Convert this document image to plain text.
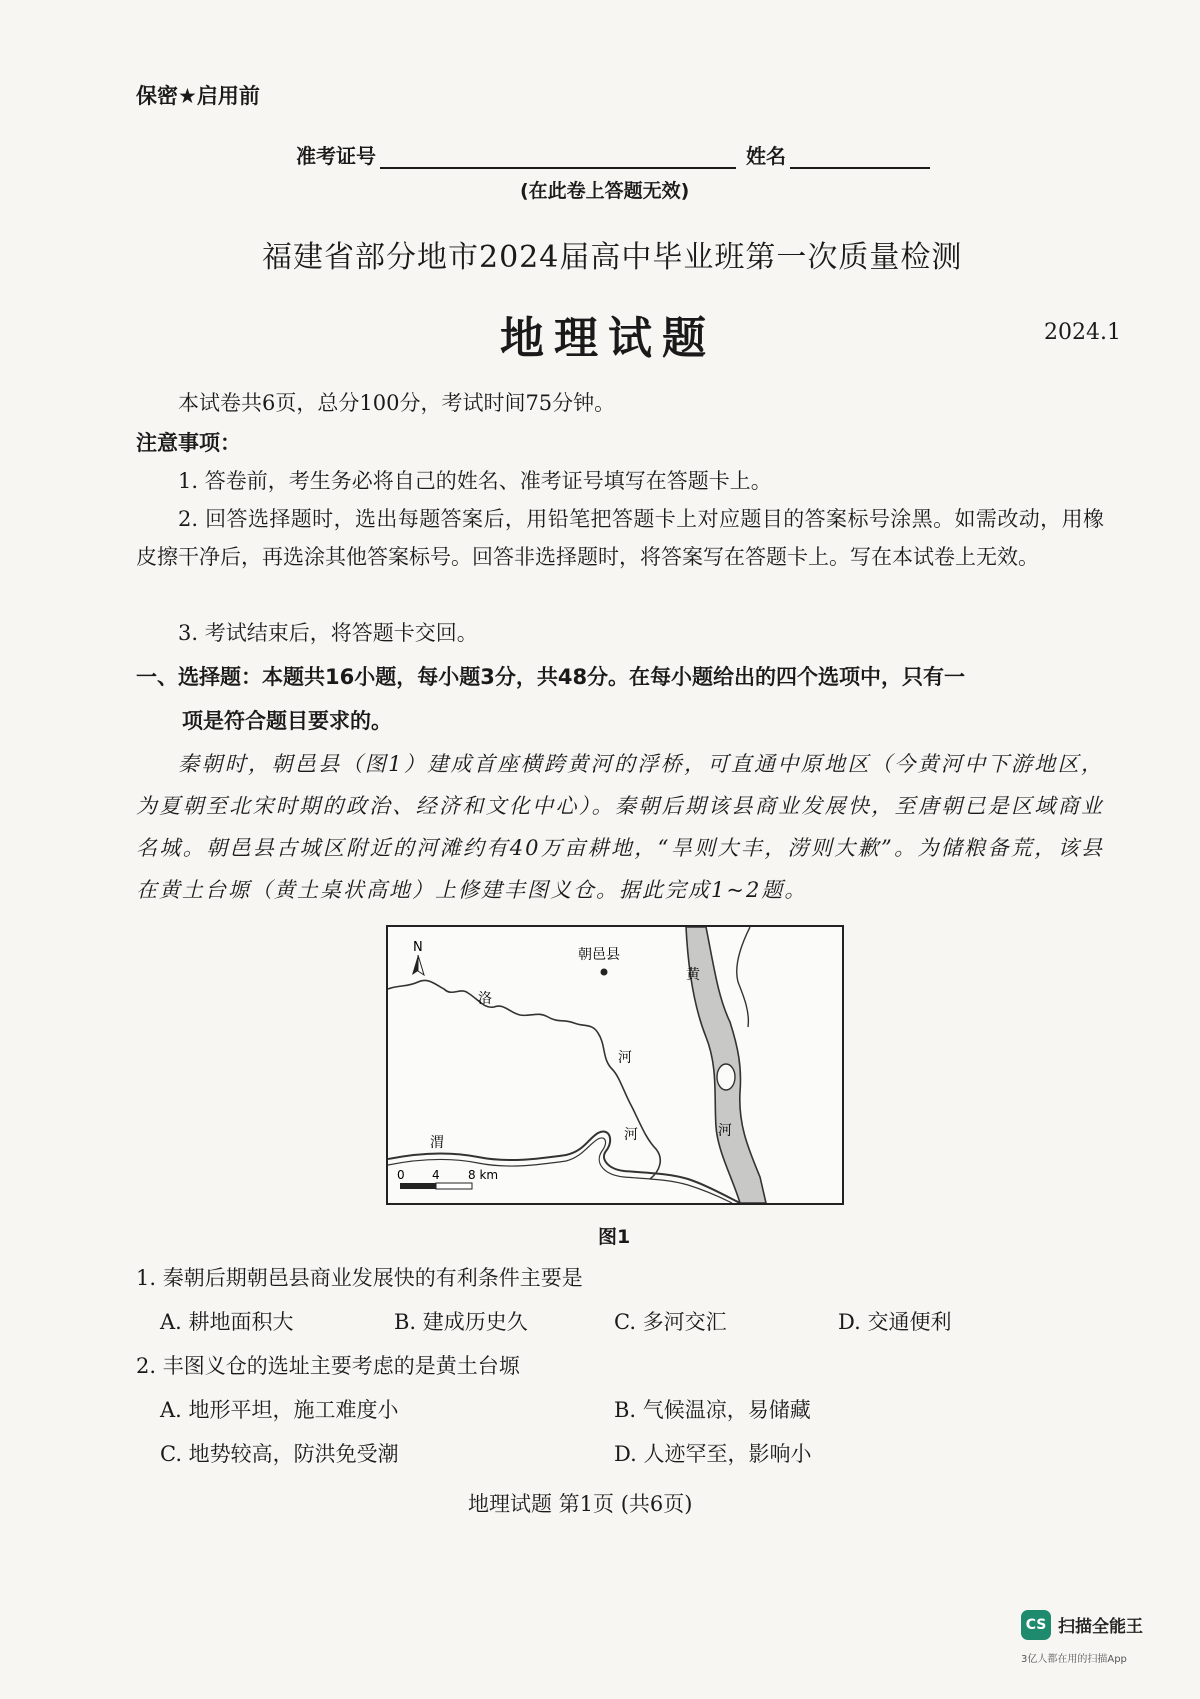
保密★启用前
准考证号	姓名
(在此卷上答题无效)
福建省部分地市2024届高中毕业班第一次质量检测
地理试题	2024.1
本试卷共6页，总分100分，考试时间75分钟。
注意事项：
1. 答卷前，考生务必将自己的姓名、准考证号填写在答题卡上。
2. 回答选择题时，选出每题答案后，用铅笔把答题卡上对应题目的答案标号涂黑。如需改动，用橡皮擦干净后，再选涂其他答案标号。回答非选择题时，将答案写在答题卡上。写在本试卷上无效。
3. 考试结束后，将答题卡交回。
一、选择题：本题共16小题，每小题3分，共48分。在每小题给出的四个选项中，只有一
项是符合题目要求的。
秦朝时，朝邑县（图1）建成首座横跨黄河的浮桥，可直通中原地区（今黄河中下游地区，为夏朝至北宋时期的政治、经济和文化中心）。秦朝后期该县商业发展快，至唐朝已是区域商业名城。朝邑县古城区附近的河滩约有40万亩耕地，“旱则大丰，涝则大歉”。为储粮备荒，该县在黄土台塬（黄土桌状高地）上修建丰图义仓。据此完成1~2题。
N	朝邑县
洛
河
渭	河
黄
河
0 4 8 km
图1
1. 秦朝后期朝邑县商业发展快的有利条件主要是
A. 耕地面积大	B. 建成历史久	C. 多河交汇	D. 交通便利
2. 丰图义仓的选址主要考虑的是黄土台塬
A. 地形平坦，施工难度小	B. 气候温凉，易储藏
C. 地势较高，防洪免受潮	D. 人迹罕至，影响小
地理试题 第1页 (共6页)
CS 扫描全能王
3亿人都在用的扫描App
